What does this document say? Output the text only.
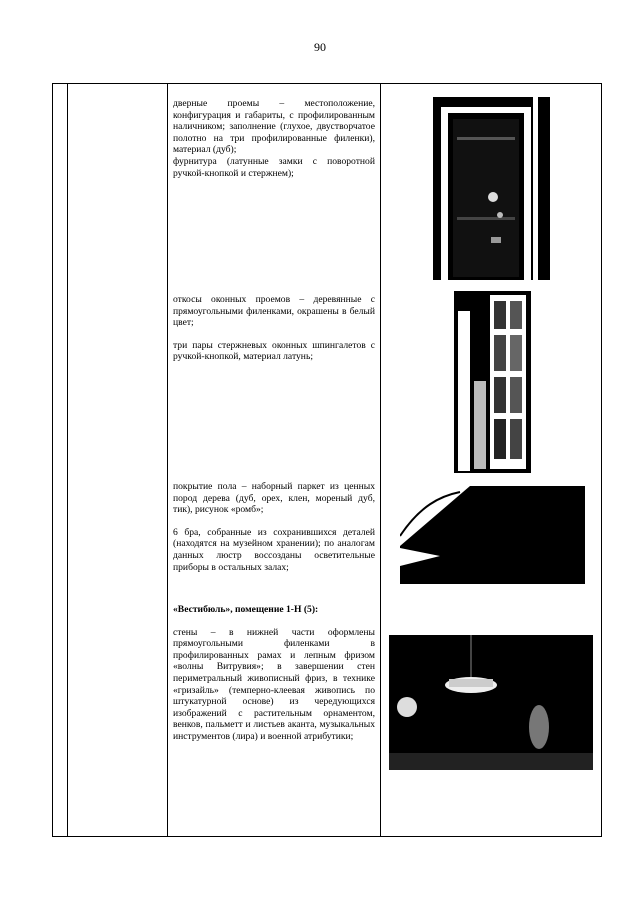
90

дверные проемы – местоположение, конфигурация и габариты, с профилированным наличником; заполнение (глухое, двустворчатое полотно на три профилированные филенки), материал (дуб);

фурнитура (латунные замки с поворотной ручкой-кнопкой и стержнем);

откосы оконных проемов – деревянные с прямоугольными филенками, окрашены в белый цвет;

три пары стержневых оконных шпингалетов с ручкой-кнопкой, материал латунь;

покрытие пола – наборный паркет из ценных пород дерева (дуб, орех, клен, мореный дуб, тик), рисунок «ромб»;

6 бра, собранные из сохранившихся деталей (находятся на музейном хранении); по аналогам данных люстр воссозданы осветительные приборы в остальных залах;

«Вестибюль», помещение 1-Н (5):

стены – в нижней части оформлены прямоугольными филенками в профилированных рамах и лепным фризом «волны Витрувия»; в завершении стен периметральный живописный фриз, в технике «гризайль» (темперно-клеевая живопись по штукатурной основе) из чередующихся изображений с растительным орнаментом, венков, пальметт и листьев аканта, музыкальных инструментов (лира) и военной атрибутики;
